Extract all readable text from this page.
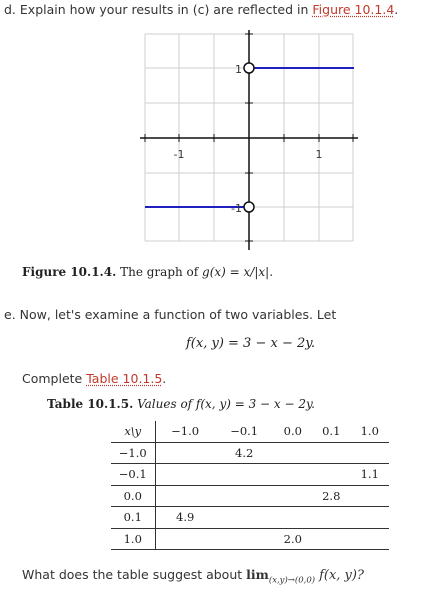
d. Explain how your results in (c) are reflected in Figure 10.1.4.
-1	1
1
-1
Figure 10.1.4. The graph of g(x) = x/|x|.
e. Now, let's examine a function of two variables. Let
f(x, y) = 3 − x − 2y.
Complete Table 10.1.5.
Table 10.1.5. Values of f(x, y) = 3 − x − 2y.
x\y	−1.0	−0.1	0.0	0.1	1.0
−1.0		4.2			
−0.1					1.1
0.0				2.8	
0.1	4.9				
1.0			2.0		
What does the table suggest about $\lim_{(x,y)\to(0,0)} f(x$, y)?
